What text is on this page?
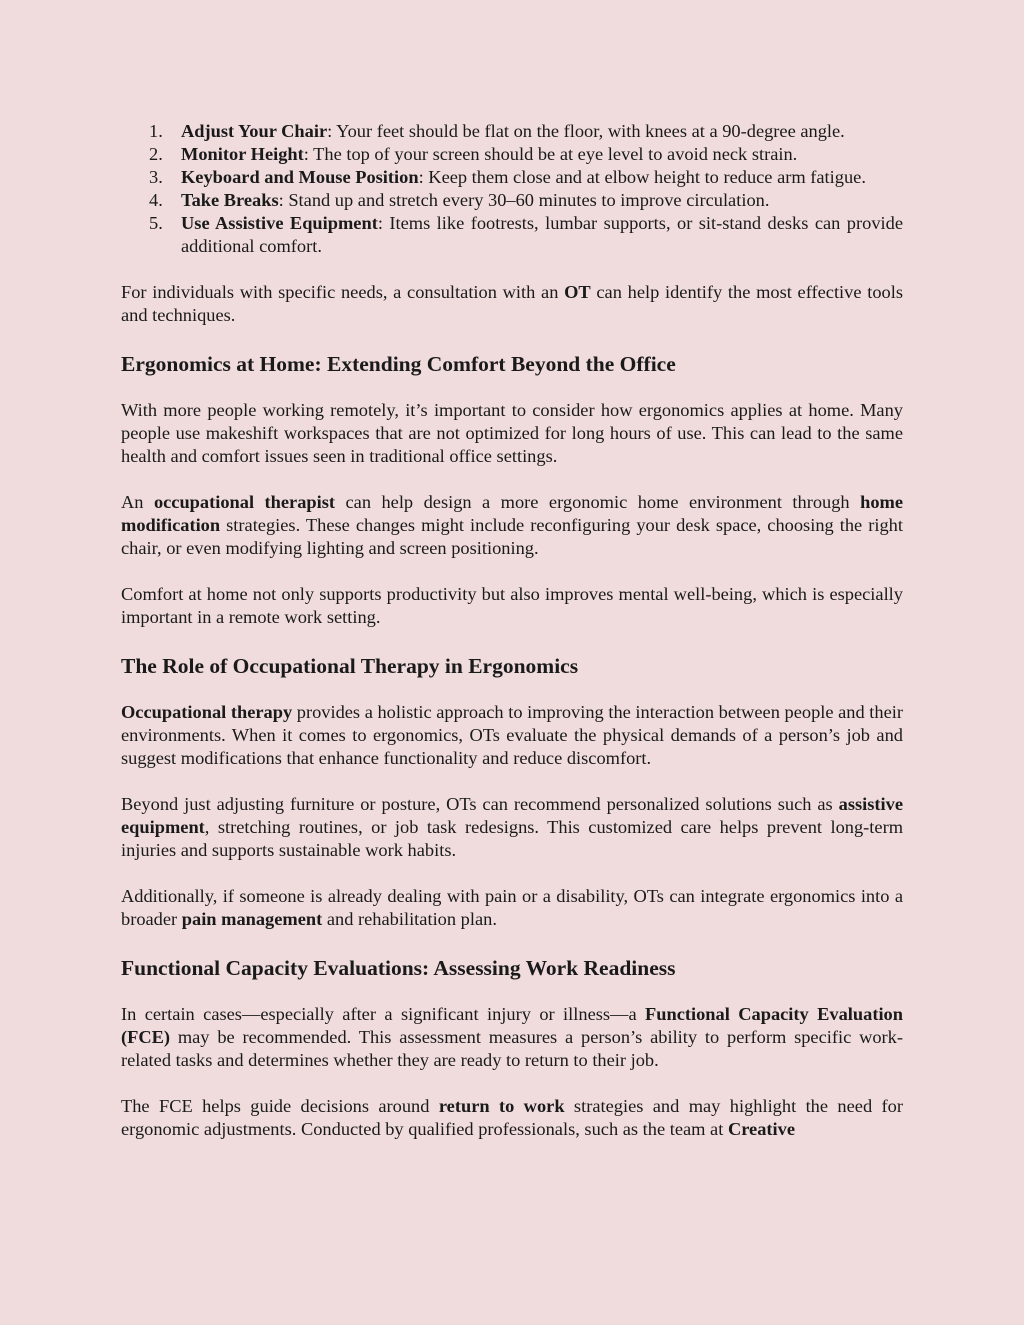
1. Adjust Your Chair: Your feet should be flat on the floor, with knees at a 90-degree angle.
2. Monitor Height: The top of your screen should be at eye level to avoid neck strain.
3. Keyboard and Mouse Position: Keep them close and at elbow height to reduce arm fatigue.
4. Take Breaks: Stand up and stretch every 30–60 minutes to improve circulation.
5. Use Assistive Equipment: Items like footrests, lumbar supports, or sit-stand desks can provide additional comfort.

For individuals with specific needs, a consultation with an OT can help identify the most effective tools and techniques.

Ergonomics at Home: Extending Comfort Beyond the Office

With more people working remotely, it’s important to consider how ergonomics applies at home. Many people use makeshift workspaces that are not optimized for long hours of use. This can lead to the same health and comfort issues seen in traditional office settings.

An occupational therapist can help design a more ergonomic home environment through home modification strategies. These changes might include reconfiguring your desk space, choosing the right chair, or even modifying lighting and screen positioning.

Comfort at home not only supports productivity but also improves mental well-being, which is especially important in a remote work setting.

The Role of Occupational Therapy in Ergonomics

Occupational therapy provides a holistic approach to improving the interaction between people and their environments. When it comes to ergonomics, OTs evaluate the physical demands of a person’s job and suggest modifications that enhance functionality and reduce discomfort.

Beyond just adjusting furniture or posture, OTs can recommend personalized solutions such as assistive equipment, stretching routines, or job task redesigns. This customized care helps prevent long-term injuries and supports sustainable work habits.

Additionally, if someone is already dealing with pain or a disability, OTs can integrate ergonomics into a broader pain management and rehabilitation plan.

Functional Capacity Evaluations: Assessing Work Readiness

In certain cases—especially after a significant injury or illness—a Functional Capacity Evaluation (FCE) may be recommended. This assessment measures a person’s ability to perform specific work-related tasks and determines whether they are ready to return to their job.

The FCE helps guide decisions around return to work strategies and may highlight the need for ergonomic adjustments. Conducted by qualified professionals, such as the team at Creative
